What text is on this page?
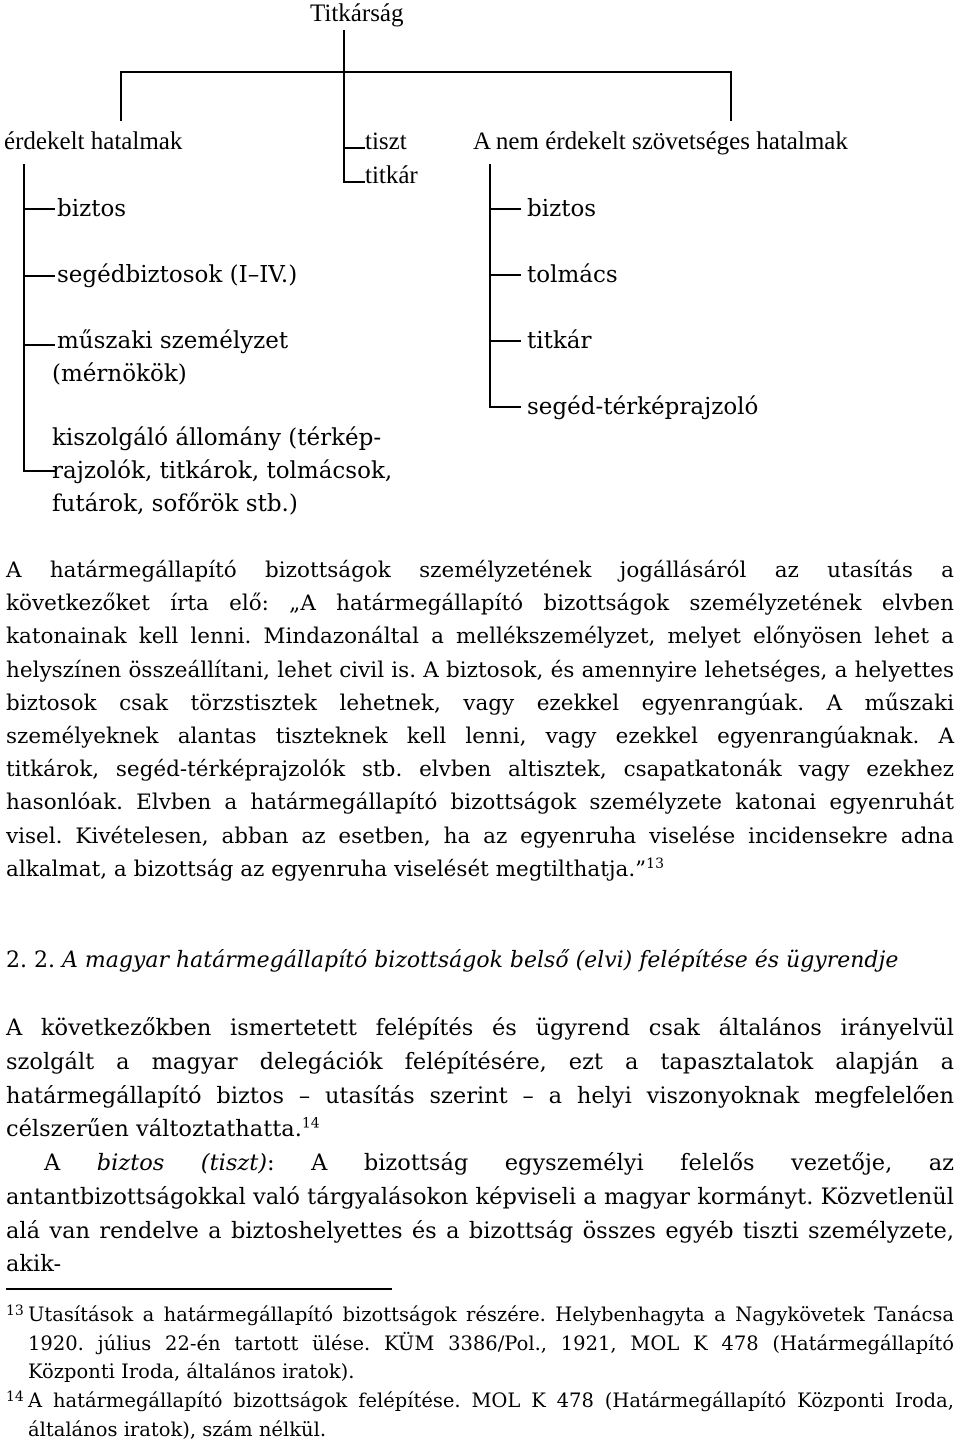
Titkárság
érdekelt hatalmak	tiszt
titkár
A nem érdekelt szövetséges hatalmak
biztos
segédbiztosok (I–IV.)
műszaki személyzet
(mérnökök)
kiszolgáló állomány (térkép-
rajzolók, titkárok, tolmácsok,
futárok, sofőrök stb.)
biztos
tolmács
titkár
segéd-térképrajzoló

A határmegállapító bizottságok személyzetének jogállásáról az utasítás a következőket írta elő: „A határmegállapító bizottságok személyzetének elvben katonainak kell lenni. Mindazonáltal a mellékszemélyzet, melyet előnyösen lehet a helyszínen összeállítani, lehet civil is. A biztosok, és amennyire lehetséges, a helyettes biztosok csak törzstisztek lehetnek, vagy ezekkel egyenrangúak. A műszaki személyeknek alantas tiszteknek kell lenni, vagy ezekkel egyenrangúaknak. A titkárok, segéd-térképrajzolók stb. elvben altisztek, csapatkatonák vagy ezekhez hasonlóak. Elvben a határmegállapító bizottságok személyzete katonai egyenruhát visel. Kivételesen, abban az esetben, ha az egyenruha viselése incidensekre adna alkalmat, a bizottság az egyenruha viselését megtilthatja.”$^{13}$

2. 2. A magyar határmegállapító bizottságok belső (elvi) felépítése és ügyrendje

A következőkben ismertetett felépítés és ügyrend csak általános irányelvül szolgált a magyar delegációk felépítésére, ezt a tapasztalatok alapján a határmegállapító biztos – utasítás szerint – a helyi viszonyoknak megfelelően célszerűen változtathatta.$^{14}$

A biztos (tiszt): A bizottság egyszemélyi felelős vezetője, az antantbizottságokkal való tárgyalásokon képviseli a magyar kormányt. Közvetlenül alá van rendelve a biztoshelyettes és a bizottság összes egyéb tiszti személyzete, akik-

13 Utasítások a határmegállapító bizottságok részére. Helybenhagyta a Nagykövetek Tanácsa 1920. július 22-én tartott ülése. KÜM 3386/Pol., 1921, MOL K 478 (Határmegállapító Központi Iroda, általános iratok).
14 A határmegállapító bizottságok felépítése. MOL K 478 (Határmegállapító Központi Iroda, általános iratok), szám nélkül.
